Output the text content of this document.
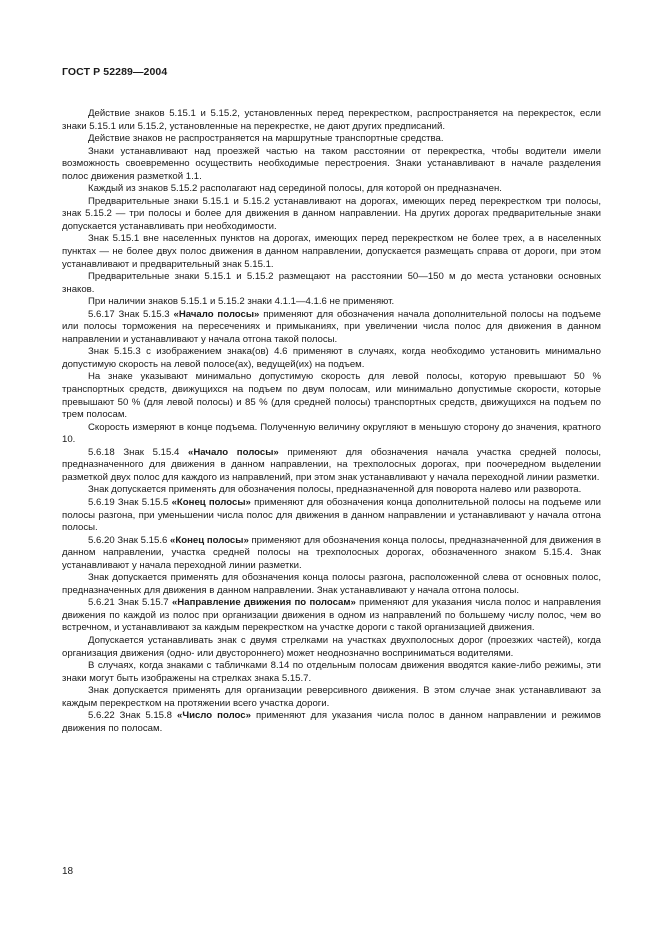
ГОСТ Р 52289—2004

Действие знаков 5.15.1 и 5.15.2, установленных перед перекрестком, распространяется на перекресток, если знаки 5.15.1 или 5.15.2, установленные на перекрестке, не дают других предписаний.

Действие знаков не распространяется на маршрутные транспортные средства.

Знаки устанавливают над проезжей частью на таком расстоянии от перекрестка, чтобы водители имели возможность своевременно осуществить необходимые перестроения. Знаки устанавливают в начале разделения полос движения разметкой 1.1.

Каждый из знаков 5.15.2 располагают над серединой полосы, для которой он предназначен.

Предварительные знаки 5.15.1 и 5.15.2 устанавливают на дорогах, имеющих перед перекрестком три полосы, знак 5.15.2 — три полосы и более для движения в данном направлении. На других дорогах предварительные знаки допускается устанавливать при необходимости.

Знак 5.15.1 вне населенных пунктов на дорогах, имеющих перед перекрестком не более трех, а в населенных пунктах — не более двух полос движения в данном направлении, допускается размещать справа от дороги, при этом устанавливают и предварительный знак 5.15.1.

Предварительные знаки 5.15.1 и 5.15.2 размещают на расстоянии 50—150 м до места установки основных знаков.

При наличии знаков 5.15.1 и 5.15.2 знаки 4.1.1—4.1.6 не применяют.

5.6.17 Знак 5.15.3 «Начало полосы» применяют для обозначения начала дополнительной полосы на подъеме или полосы торможения на пересечениях и примыканиях, при увеличении числа полос для движения в данном направлении и устанавливают у начала отгона такой полосы.

Знак 5.15.3 с изображением знака(ов) 4.6 применяют в случаях, когда необходимо установить минимально допустимую скорость на левой полосе(ах), ведущей(их) на подъем.

На знаке указывают минимально допустимую скорость для левой полосы, которую превышают 50 % транспортных средств, движущихся на подъем по двум полосам, или минимально допустимые скорости, которые превышают 50 % (для левой полосы) и 85 % (для средней полосы) транспортных средств, движущихся на подъем по трем полосам.

Скорость измеряют в конце подъема. Полученную величину округляют в меньшую сторону до значения, кратного 10.

5.6.18 Знак 5.15.4 «Начало полосы» применяют для обозначения начала участка средней полосы, предназначенного для движения в данном направлении, на трехполосных дорогах, при поочередном выделении разметкой двух полос для каждого из направлений, при этом знак устанавливают у начала переходной линии разметки.

Знак допускается применять для обозначения полосы, предназначенной для поворота налево или разворота.

5.6.19 Знак 5.15.5 «Конец полосы» применяют для обозначения конца дополнительной полосы на подъеме или полосы разгона, при уменьшении числа полос для движения в данном направлении и устанавливают у начала отгона полосы.

5.6.20 Знак 5.15.6 «Конец полосы» применяют для обозначения конца полосы, предназначенной для движения в данном направлении, участка средней полосы на трехполосных дорогах, обозначенного знаком 5.15.4. Знак устанавливают у начала переходной линии разметки.

Знак допускается применять для обозначения конца полосы разгона, расположенной слева от основных полос, предназначенных для движения в данном направлении. Знак устанавливают у начала отгона полосы.

5.6.21 Знак 5.15.7 «Направление движения по полосам» применяют для указания числа полос и направления движения по каждой из полос при организации движения в одном из направлений по большему числу полос, чем во встречном, и устанавливают за каждым перекрестком на участке дороги с такой организацией движения.

Допускается устанавливать знак с двумя стрелками на участках двухполосных дорог (проезжих частей), когда организация движения (одно- или двустороннего) может неоднозначно восприниматься водителями.

В случаях, когда знаками с табличками 8.14 по отдельным полосам движения вводятся какие-либо режимы, эти знаки могут быть изображены на стрелках знака 5.15.7.

Знак допускается применять для организации реверсивного движения. В этом случае знак устанавливают за каждым перекрестком на протяжении всего участка дороги.

5.6.22 Знак 5.15.8 «Число полос» применяют для указания числа полос в данном направлении и режимов движения по полосам.

18
